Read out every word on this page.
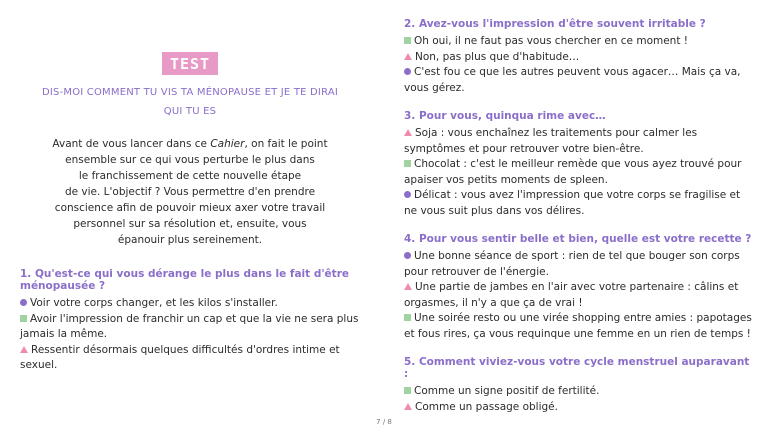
TEST
DIS-MOI COMMENT TU VIS TA MÉNOPAUSE ET JE TE DIRAI
QUI TU ES
Avant de vous lancer dans ce Cahier, on fait le point
ensemble sur ce qui vous perturbe le plus dans
le franchissement de cette nouvelle étape
de vie. L'objectif ? Vous permettre d'en prendre
conscience afin de pouvoir mieux axer votre travail
personnel sur sa résolution et, ensuite, vous
épanouir plus sereinement.
1. Qu'est-ce qui vous dérange le plus dans le fait d'être ménopausée ?

Voir votre corps changer, et les kilos s'installer.

Avoir l'impression de franchir un cap et que la vie ne sera plus jamais la même.

Ressentir désormais quelques difficultés d'ordres intime et sexuel.

2. Avez-vous l'impression d'être souvent irritable ?

Oh oui, il ne faut pas vous chercher en ce moment !

Non, pas plus que d'habitude…

C'est fou ce que les autres peuvent vous agacer… Mais ça va, vous gérez.

3. Pour vous, quinqua rime avec…

Soja : vous enchaînez les traitements pour calmer les symptômes et pour retrouver votre bien-être.

Chocolat : c'est le meilleur remède que vous ayez trouvé pour apaiser vos petits moments de spleen.

Délicat : vous avez l'impression que votre corps se fragilise et ne vous suit plus dans vos délires.

4. Pour vous sentir belle et bien, quelle est votre recette ?

Une bonne séance de sport : rien de tel que bouger son corps pour retrouver de l'énergie.

Une partie de jambes en l'air avec votre partenaire : câlins et orgasmes, il n'y a que ça de vrai !

Une soirée resto ou une virée shopping entre amies : papotages et fous rires, ça vous requinque une femme en un rien de temps !

5. Comment viviez-vous votre cycle menstruel auparavant :

Comme un signe positif de fertilité.

Comme un passage obligé.

7 / 8
